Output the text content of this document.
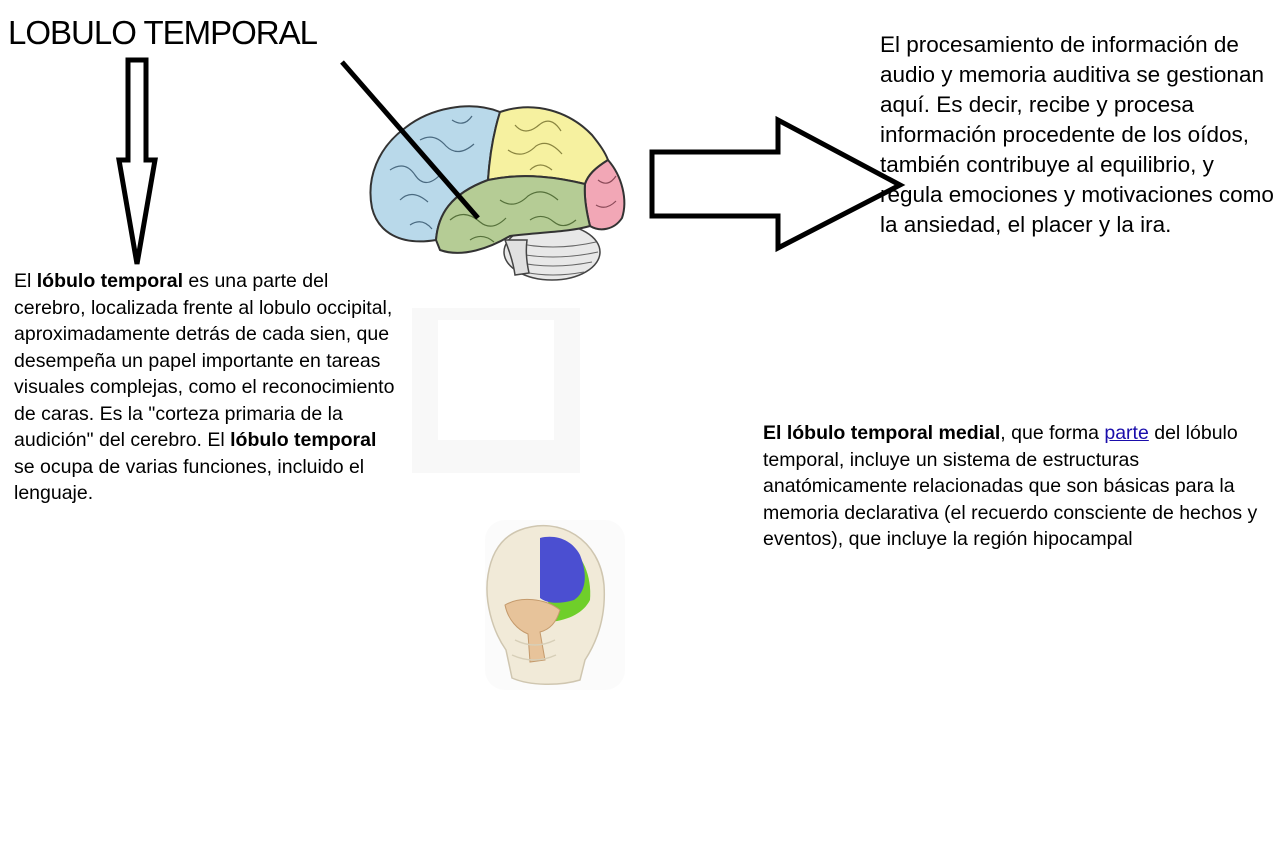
LOBULO TEMPORAL
El lóbulo temporal es una parte del cerebro, localizada frente al lobulo occipital, aproximadamente detrás de cada sien, que desempeña un papel importante en tareas visuales complejas, como el reconocimiento de caras. Es la "corteza primaria de la audición" del cerebro. El lóbulo temporal se ocupa de varias funciones, incluido el lenguaje.
El procesamiento de información de audio y memoria auditiva se gestionan aquí. Es decir, recibe y procesa información procedente de los oídos, también contribuye al equilibrio, y regula emociones y motivaciones como la ansiedad, el placer y la ira.
El lóbulo temporal medial, que forma parte del lóbulo temporal, incluye un sistema de estructuras anatómicamente relacionadas que son básicas para la memoria declarativa (el recuerdo consciente de hechos y eventos), que incluye la región hipocampal
